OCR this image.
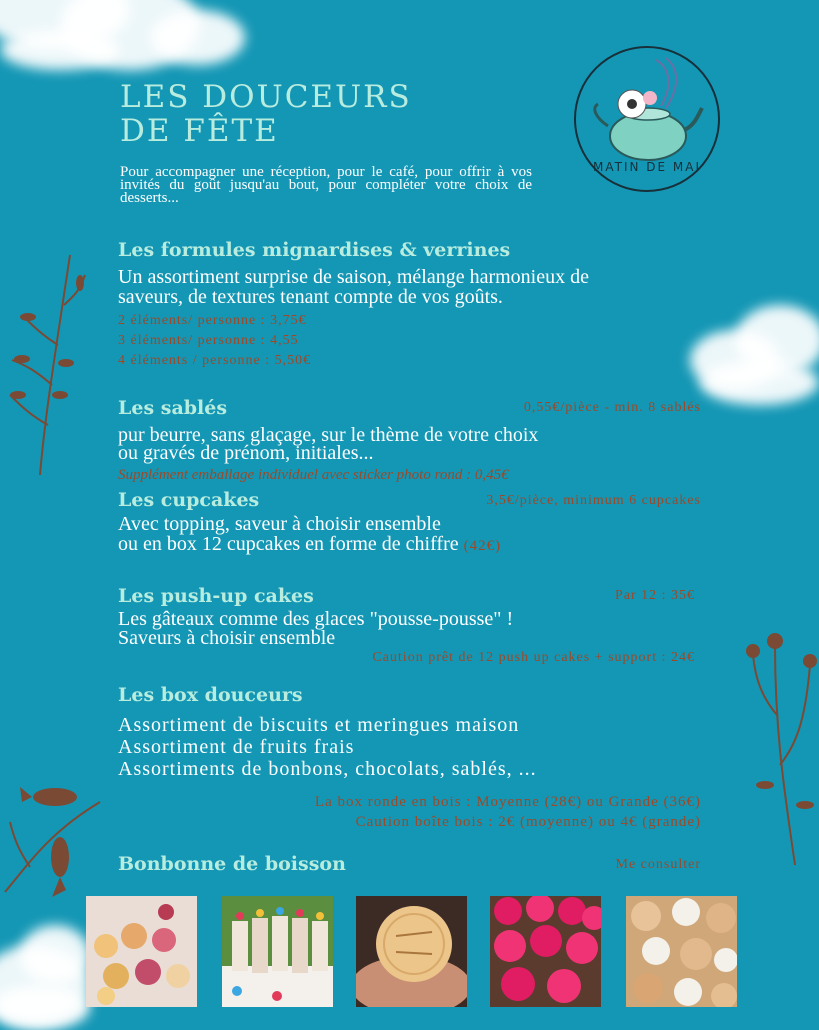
LES DOUCEURS
DE FÊTE
Pour accompagner une réception, pour le café, pour offrir à vos invités du goût jusqu'au bout, pour compléter votre choix de desserts...
MATIN DE MAI
Les formules mignardises & verrines
Un assortiment surprise de saison, mélange harmonieux de
saveurs, de textures tenant compte de vos goûts.
2 éléments/ personne : 3,75€
3 éléments/ personne : 4,55
4 éléments / personne : 5,50€
Les sablés	0,55€/pièce - min. 8 sablés
pur beurre, sans glaçage, sur le thème de votre choix
ou gravés de prénom, initiales...
Supplément emballage individuel avec sticker photo rond : 0,45€
Les cupcakes	3,5€/pièce, minimum 6 cupcakes
Avec topping, saveur à choisir ensemble
ou en box 12 cupcakes en forme de chiffre (42€)
Les push-up cakes	Par 12 : 35€
Les gâteaux comme des glaces "pousse-pousse" !
Saveurs à choisir ensemble
Caution prêt de 12 push up cakes + support : 24€
Les box douceurs
Assortiment de biscuits et meringues maison
Assortiment de fruits frais
Assortiments de bonbons, chocolats, sablés, ...
La box ronde en bois : Moyenne (28€) ou Grande (36€)
Caution boîte bois : 2€ (moyenne) ou 4€ (grande)
Bonbonne de boisson	Me consulter
